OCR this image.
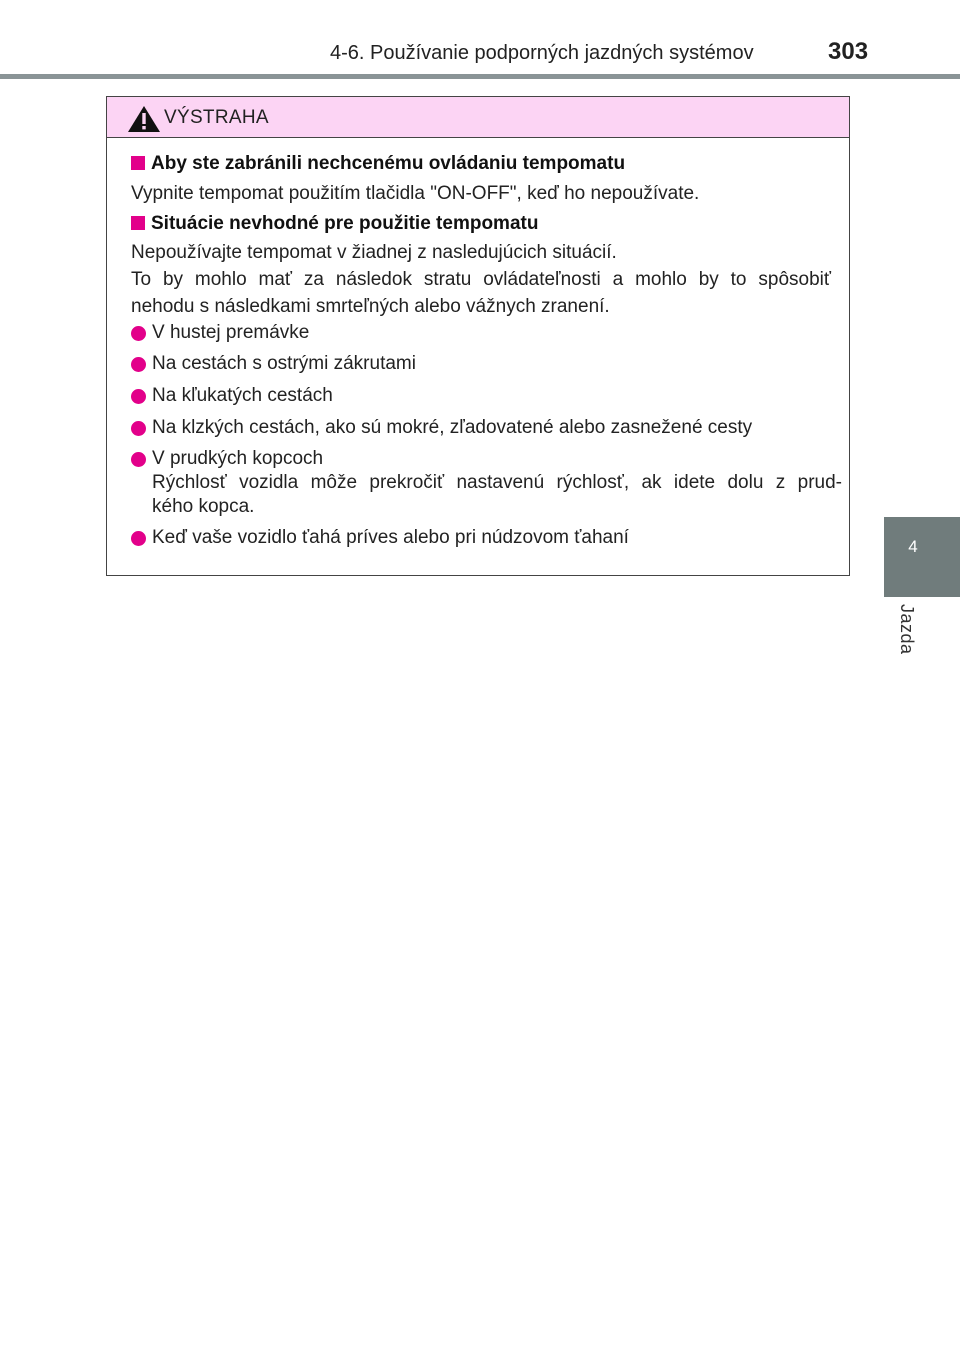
4-6. Používanie podporných jazdných systémov	303
4
Jazda
VÝSTRAHA
Aby ste zabránili nechcenému ovládaniu tempomatu
Vypnite tempomat použitím tlačidla "ON-OFF", keď ho nepoužívate.
Situácie nevhodné pre použitie tempomatu
Nepoužívajte tempomat v žiadnej z nasledujúcich situácií.
To by mohlo mať za následok stratu ovládateľnosti a mohlo by to spôsobiť
nehodu s následkami smrteľných alebo vážnych zranení.
V hustej premávke
Na cestách s ostrými zákrutami
Na kľukatých cestách
Na klzkých cestách, ako sú mokré, zľadovatené alebo zasnežené cesty
V prudkých kopcoch
Rýchlosť vozidla môže prekročiť nastavenú rýchlosť, ak idete dolu z prud-
kého kopca.
Keď vaše vozidlo ťahá príves alebo pri núdzovom ťahaní
